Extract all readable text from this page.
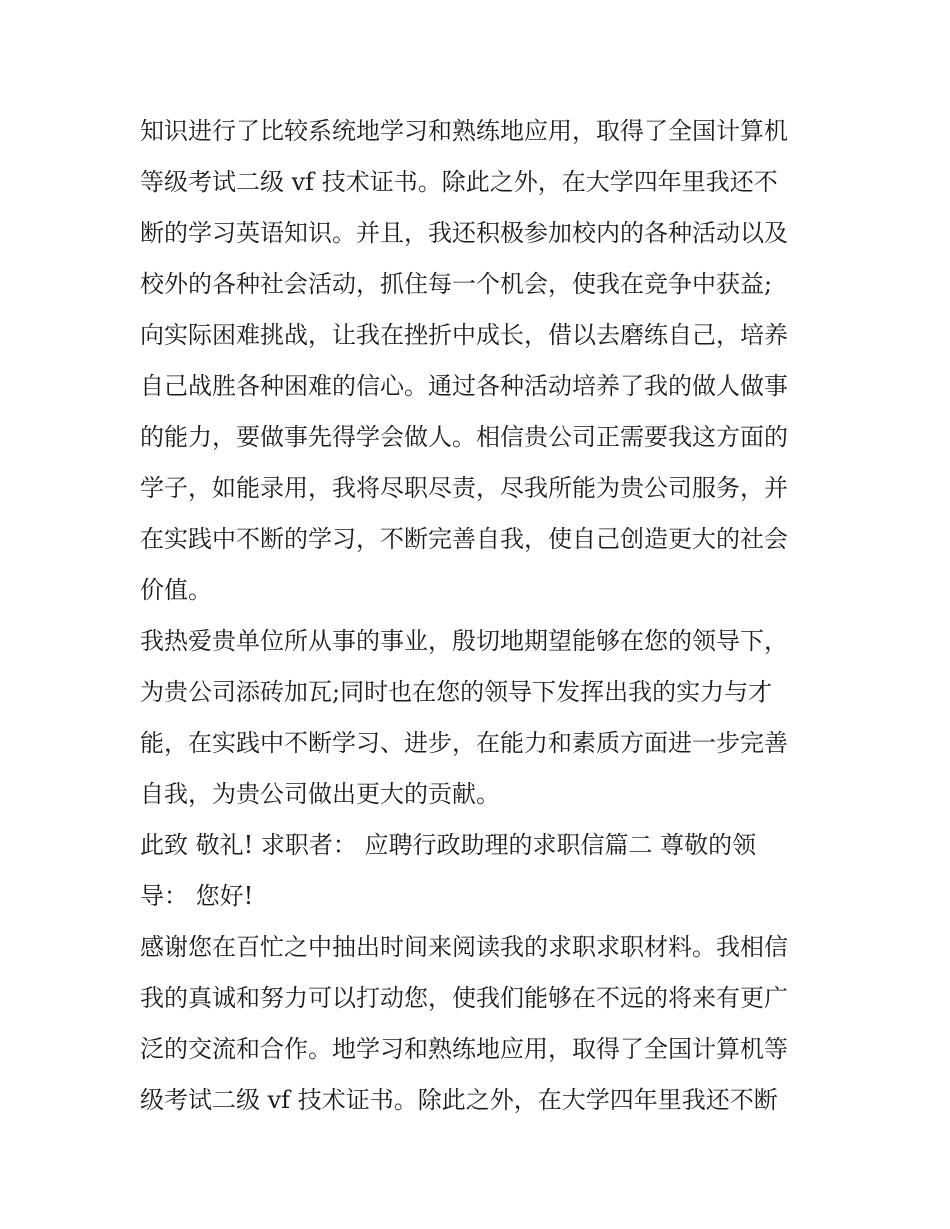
知识进行了比较系统地学习和熟练地应用，取得了全国计算机
等级考试二级 vf 技术证书。除此之外，在大学四年里我还不
断的学习英语知识。并且，我还积极参加校内的各种活动以及
校外的各种社会活动，抓住每一个机会，使我在竞争中获益;
向实际困难挑战，让我在挫折中成长，借以去磨练自己，培养
自己战胜各种困难的信心。通过各种活动培养了我的做人做事
的能力，要做事先得学会做人。相信贵公司正需要我这方面的
学子，如能录用，我将尽职尽责，尽我所能为贵公司服务，并
在实践中不断的学习，不断完善自我，使自己创造更大的社会
价值。
我热爱贵单位所从事的事业，殷切地期望能够在您的领导下，
为贵公司添砖加瓦;同时也在您的领导下发挥出我的实力与才
能，在实践中不断学习、进步，在能力和素质方面进一步完善
自我，为贵公司做出更大的贡献。
此致 敬礼! 求职者： 应聘行政助理的求职信篇二 尊敬的领
导： 您好!
感谢您在百忙之中抽出时间来阅读我的求职求职材料。我相信
我的真诚和努力可以打动您，使我们能够在不远的将来有更广
泛的交流和合作。地学习和熟练地应用，取得了全国计算机等
级考试二级 vf 技术证书。除此之外，在大学四年里我还不断
